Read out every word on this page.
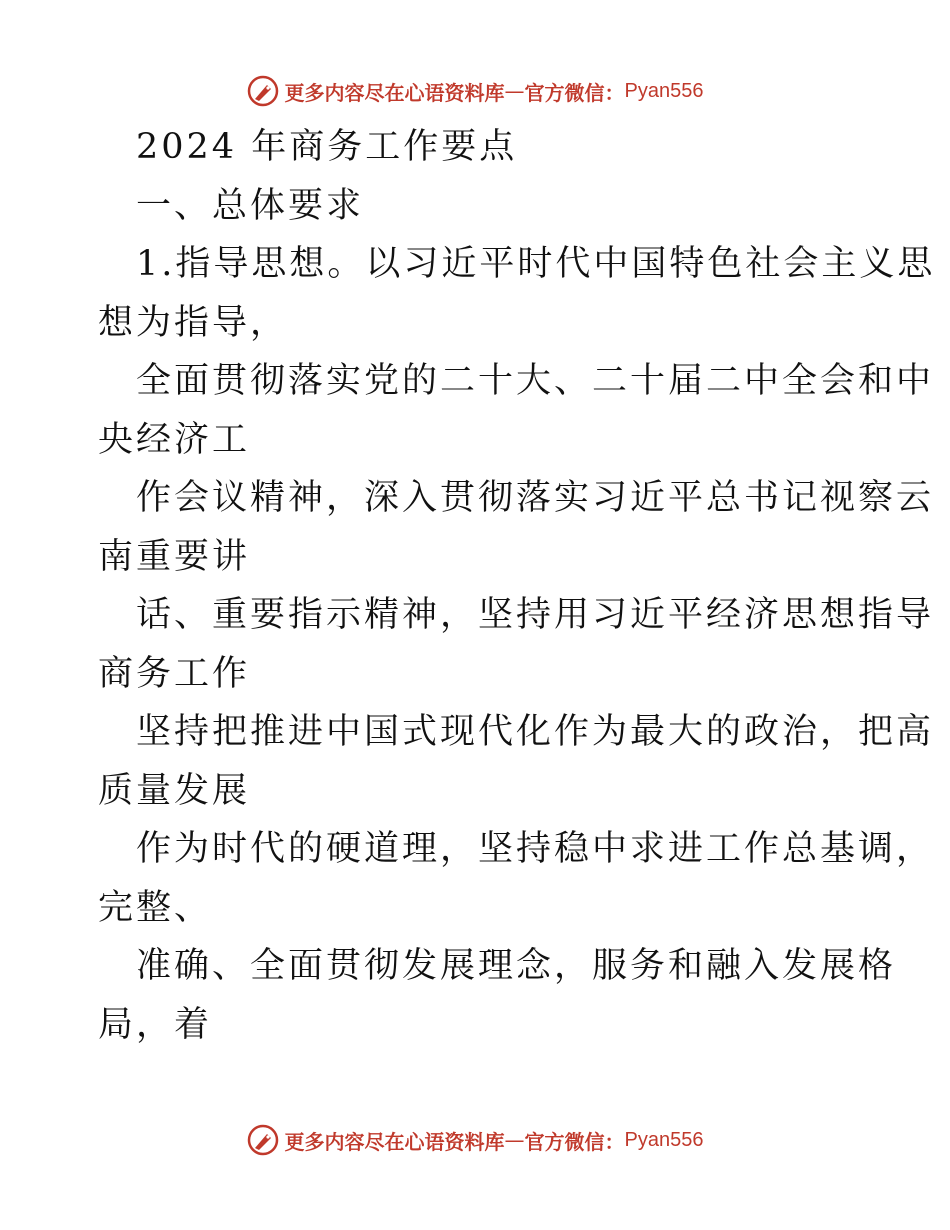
更多内容尽在心语资料库 — 官方微信： Pyan556
2024 年商务工作要点
一、总体要求
1.指导思想。以习近平时代中国特色社会主义思
想为指导，
全面贯彻落实党的二十大、二十届二中全会和中
央经济工
作会议精神，深入贯彻落实习近平总书记视察云
南重要讲
话、重要指示精神，坚持用习近平经济思想指导
商务工作
坚持把推进中国式现代化作为最大的政治，把高
质量发展
作为时代的硬道理，坚持稳中求进工作总基调，
完整、
准确、全面贯彻发展理念，服务和融入发展格
局，着
更多内容尽在心语资料库 — 官方微信： Pyan556
